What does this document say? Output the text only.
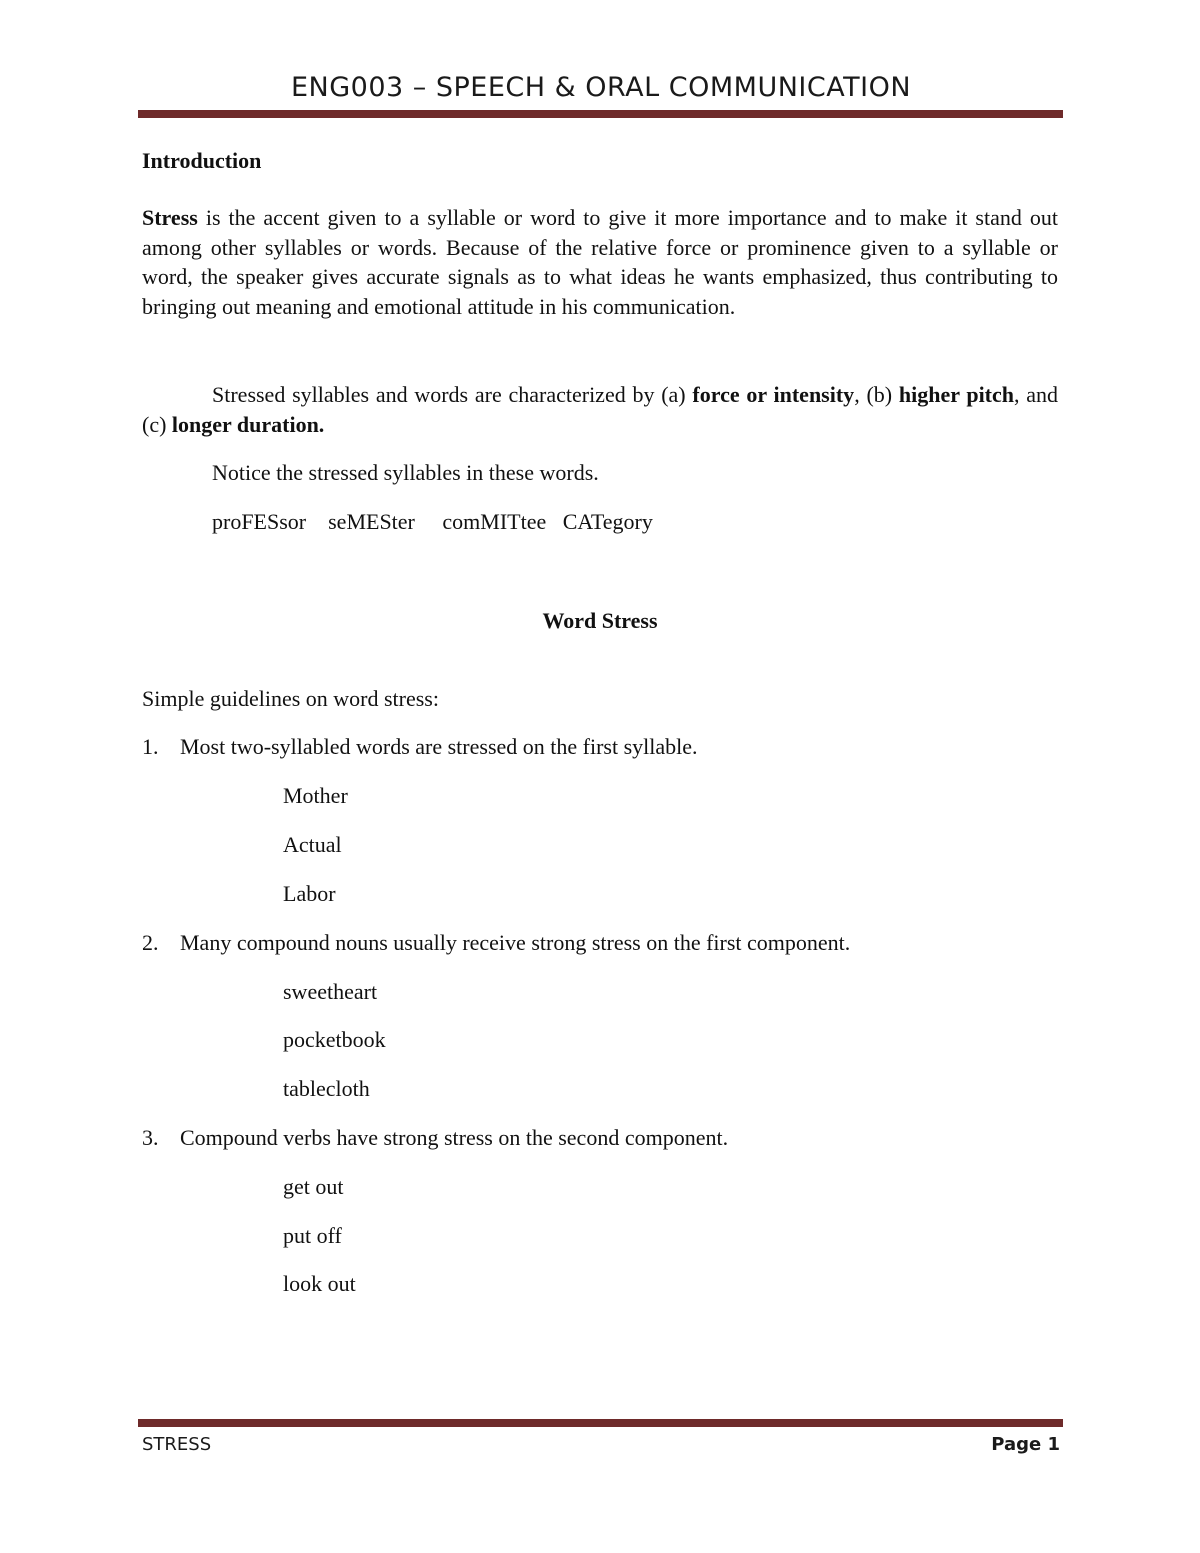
ENG003 – SPEECH & ORAL COMMUNICATION
Introduction
Stress is the accent given to a syllable or word to give it more importance and to make it stand out among other syllables or words. Because of the relative force or prominence given to a syllable or word, the speaker gives accurate signals as to what ideas he wants emphasized, thus contributing to bringing out meaning and emotional attitude in his communication.
Stressed syllables and words are characterized by (a) force or intensity, (b) higher pitch, and (c) longer duration.
Notice the stressed syllables in these words.
proFESsor    seMESter     comMITtee   CATegory
Word Stress
Simple guidelines on word stress:
1. Most two-syllabled words are stressed on the first syllable.
Mother
Actual
Labor
2. Many compound nouns usually receive strong stress on the first component.
sweetheart
pocketbook
tablecloth
3. Compound verbs have strong stress on the second component.
get out
put off
look out
STRESS	Page 1
